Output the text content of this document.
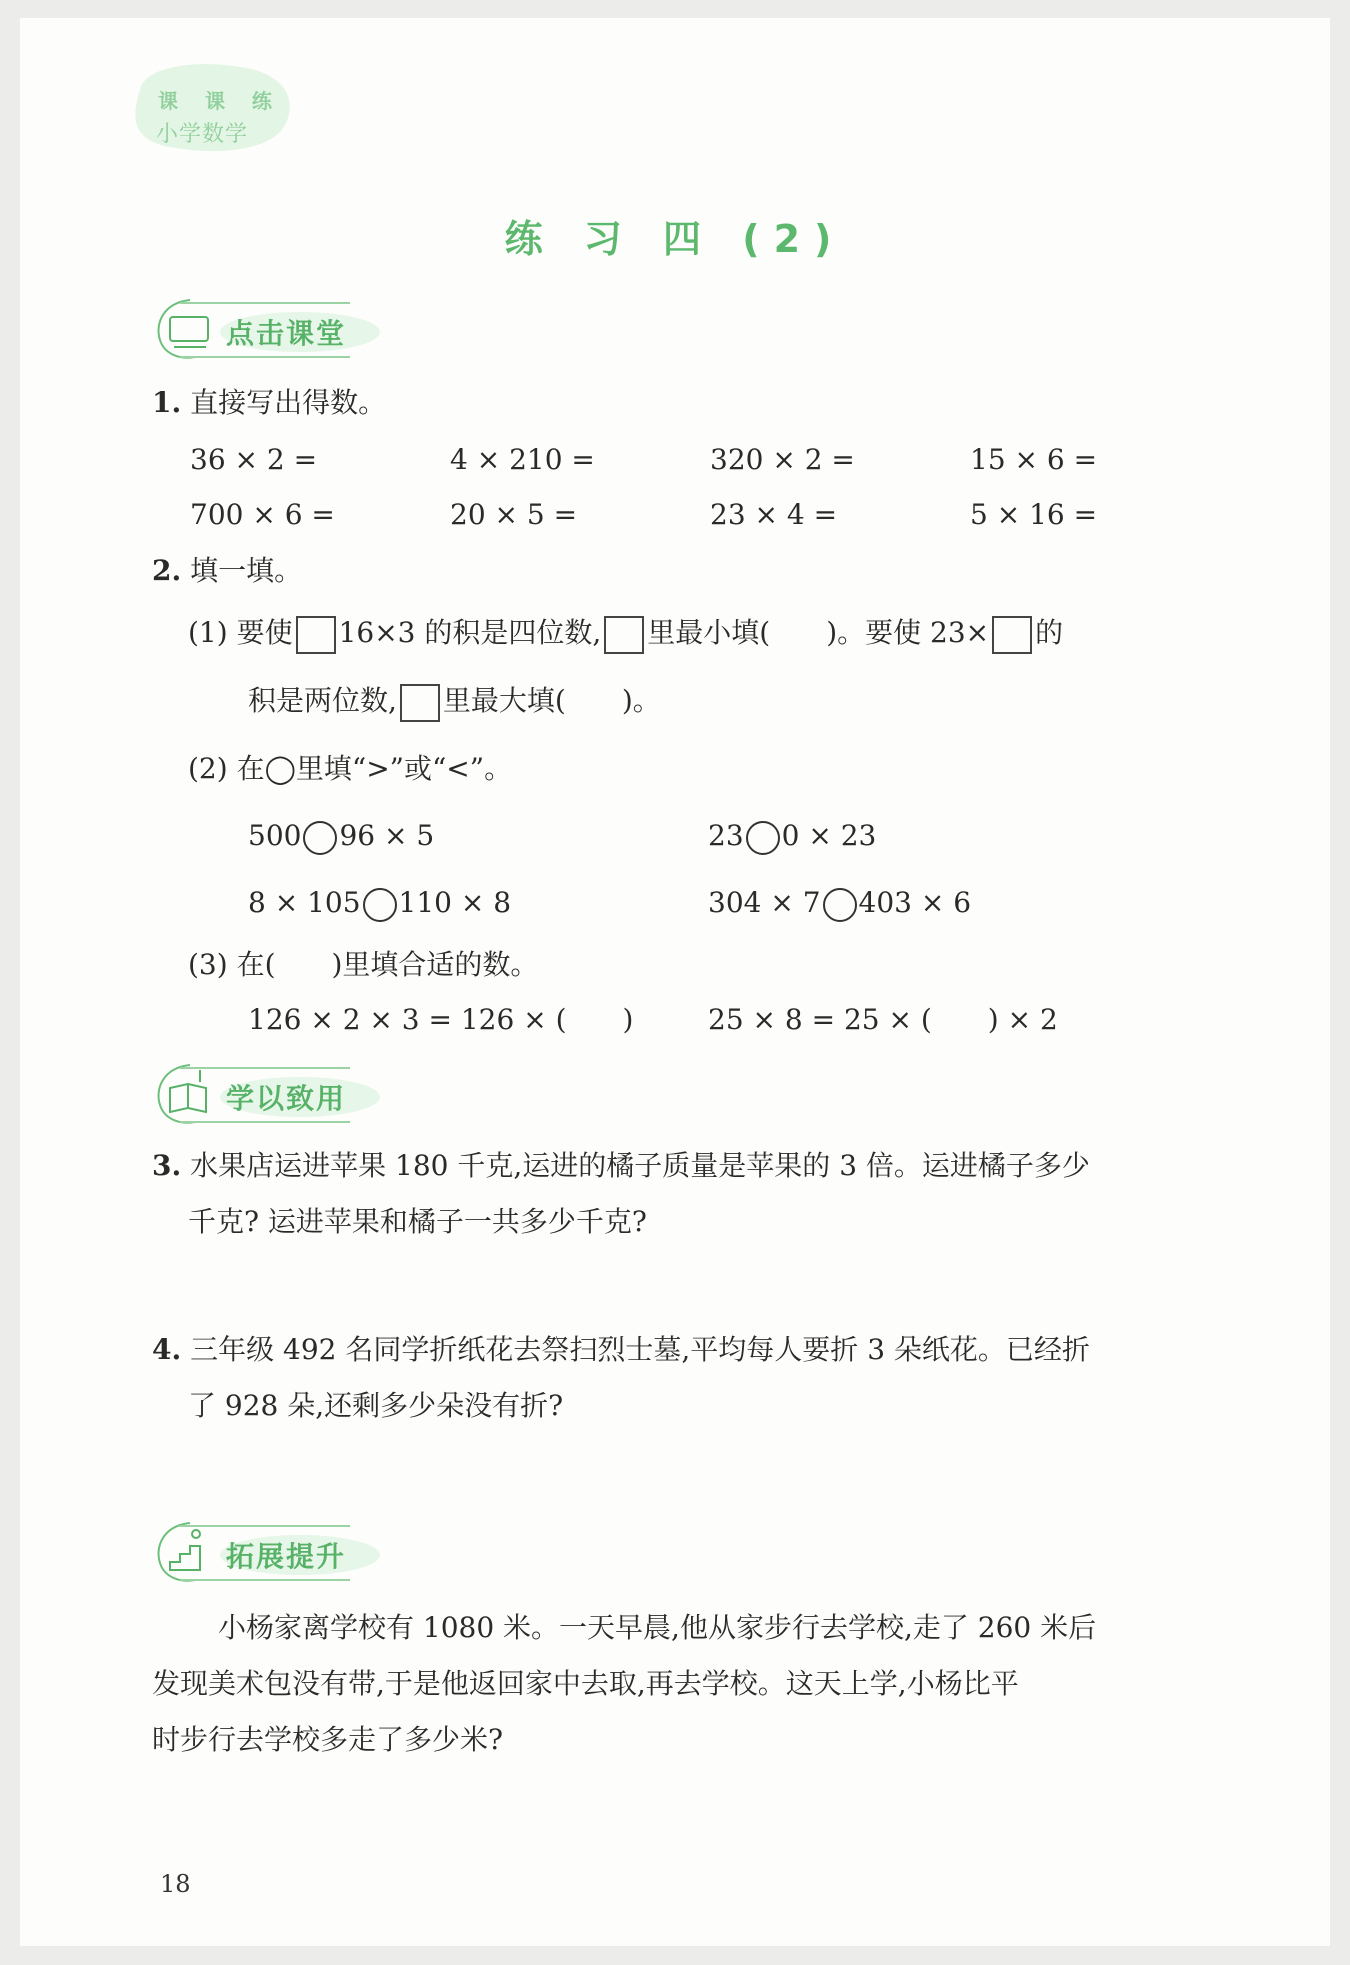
课 课 练
小学数学
练 习 四 (2)
点击课堂
1. 直接写出得数。
36 × 2 =	4 × 210 =	320 × 2 =	15 × 6 =
700 × 6 =	20 × 5 =	23 × 4 =	5 × 16 =
2. 填一填。
(1) 要使 16×3 的积是四位数, 里最小填(　　)。要使 23× 的
积是两位数, 里最大填(　　)。
(2) 在◯里填“>”或“<”。
500 96 × 5	23 0 × 23
8 × 105 110 × 8	304 × 7 403 × 6
(3) 在(　　)里填合适的数。
126 × 2 × 3 = 126 × (　　)	25 × 8 = 25 × (　　) × 2
学以致用
3. 水果店运进苹果 180 千克,运进的橘子质量是苹果的 3 倍。运进橘子多少
千克? 运进苹果和橘子一共多少千克?
4. 三年级 492 名同学折纸花去祭扫烈士墓,平均每人要折 3 朵纸花。已经折
了 928 朵,还剩多少朵没有折?
拓展提升
小杨家离学校有 1080 米。一天早晨,他从家步行去学校,走了 260 米后
发现美术包没有带,于是他返回家中去取,再去学校。这天上学,小杨比平
时步行去学校多走了多少米?
18
